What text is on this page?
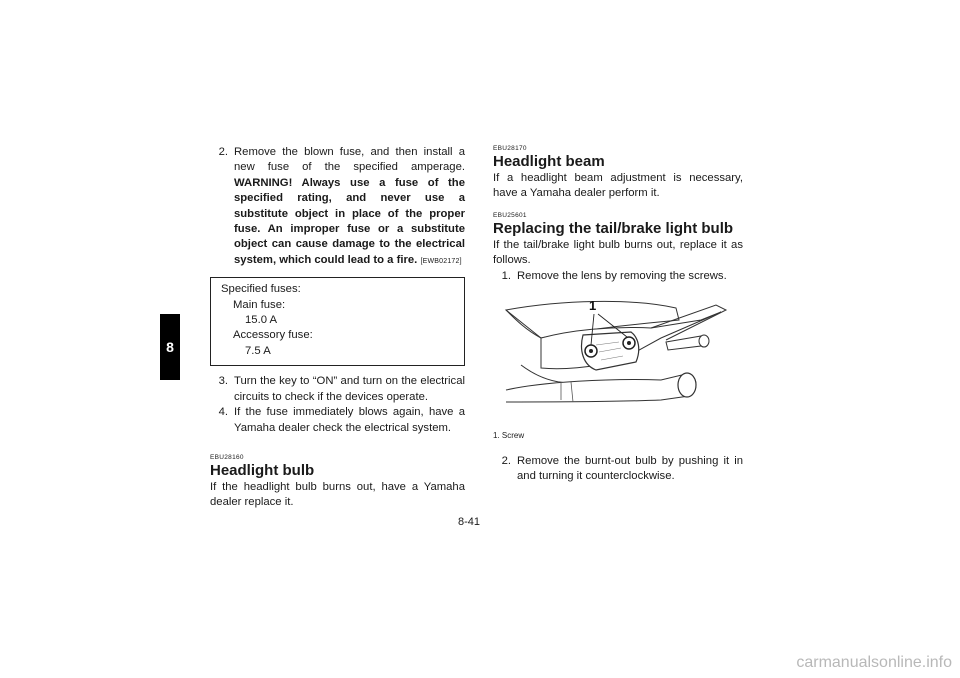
8
2. Remove the blown fuse, and then install a new fuse of the specified amperage. WARNING! Always use a fuse of the specified rating, and never use a substitute object in place of the proper fuse. An improper fuse or a substitute object can cause damage to the electrical system, which could lead to a fire. [EWB02172]
Specified fuses:
Main fuse:
15.0 A
Accessory fuse:
7.5 A
3. Turn the key to “ON” and turn on the electrical circuits to check if the devices operate.
4. If the fuse immediately blows again, have a Yamaha dealer check the electrical system.

EBU28160

Headlight bulb

If the headlight bulb burns out, have a Yamaha dealer replace it.

EBU28170

Headlight beam

If a headlight beam adjustment is necessary, have a Yamaha dealer perform it.

EBU25601

Replacing the tail/brake light bulb

If the tail/brake light bulb burns out, replace it as follows.

1. Remove the lens by removing the screws.
1

1. Screw

2. Remove the burnt-out bulb by pushing it in and turning it counterclockwise.
8-41
carmanualsonline.info
